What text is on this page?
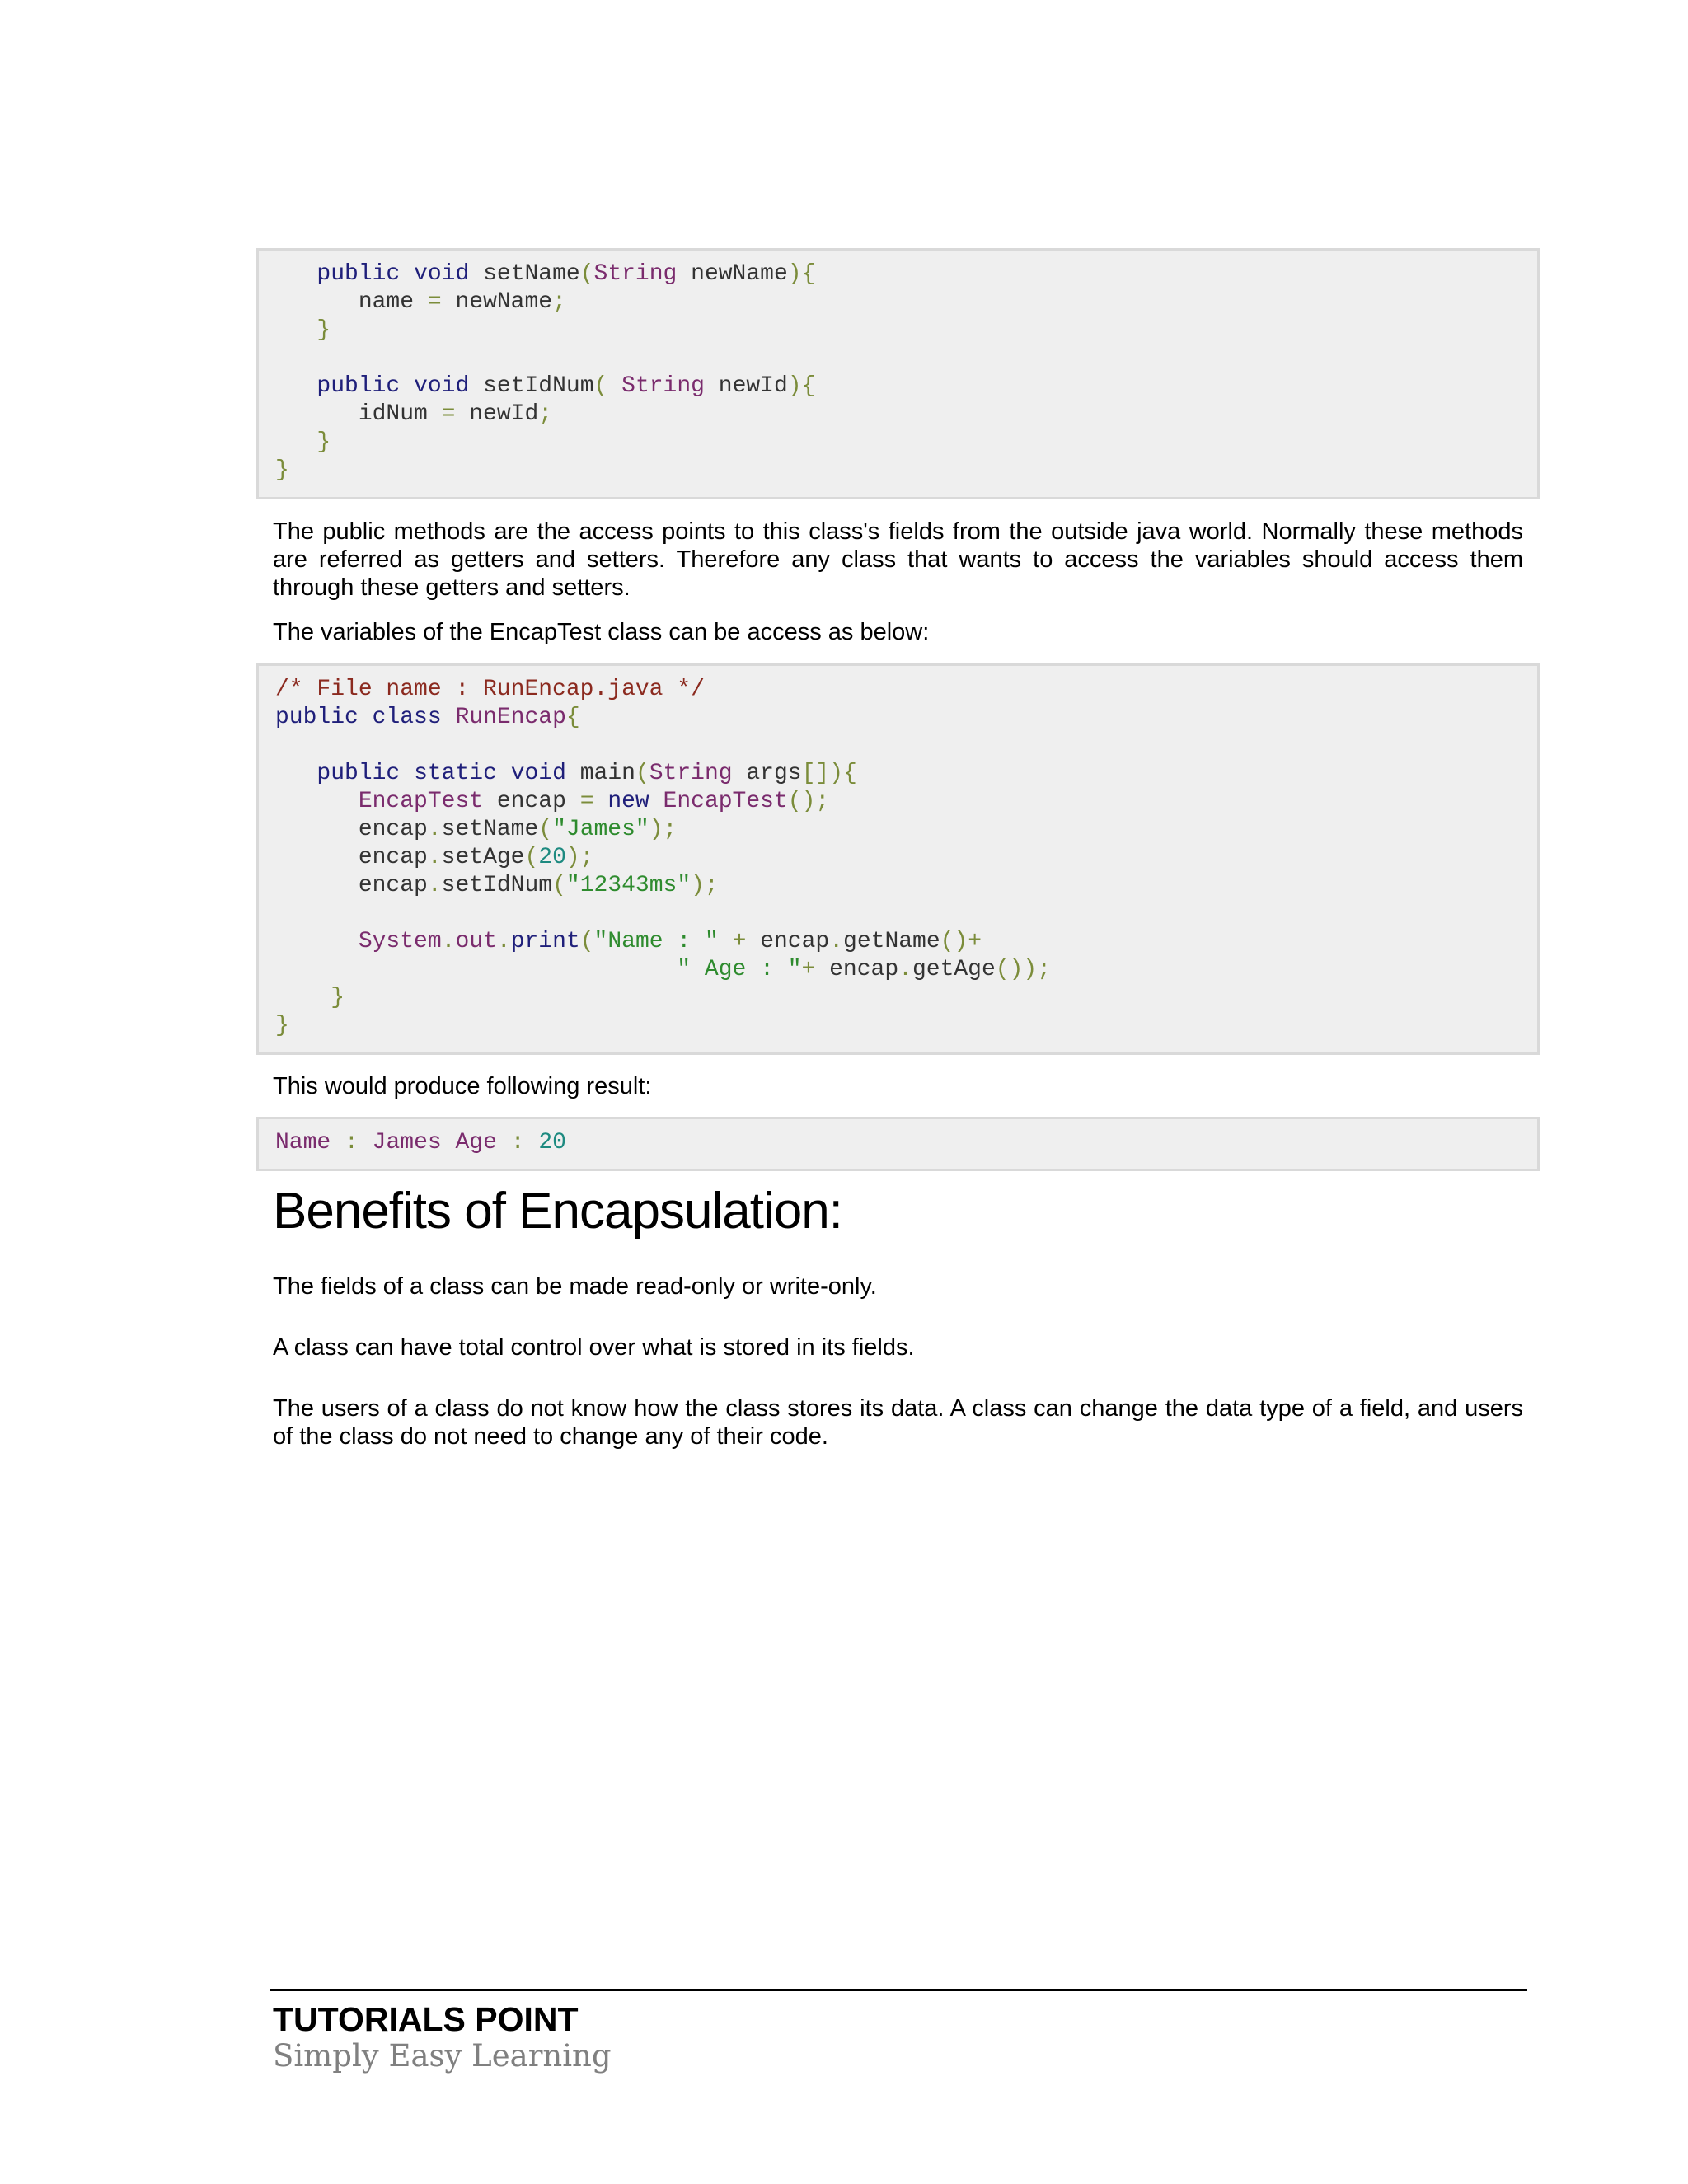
public void setName(String newName){
name = newName;
}

public void setIdNum( String newId){
idNum = newId;
}
}

The public methods are the access points to this class's fields from the outside java world. Normally these methods are referred as getters and setters. Therefore any class that wants to access the variables should access them through these getters and setters.

The variables of the EncapTest class can be access as below:

/* File name : RunEncap.java */
public class RunEncap{

public static void main(String args[]){
EncapTest encap = new EncapTest();
encap.setName("James");
encap.setAge(20);
encap.setIdNum("12343ms");

System.out.print("Name : " + encap.getName()+
" Age : "+ encap.getAge());
}
}

This would produce following result:

Name : James Age : 20
Benefits of Encapsulation:

The fields of a class can be made read-only or write-only.

A class can have total control over what is stored in its fields.

The users of a class do not know how the class stores its data. A class can change the data type of a field, and users of the class do not need to change any of their code.

TUTORIALS POINT

Simply Easy Learning
